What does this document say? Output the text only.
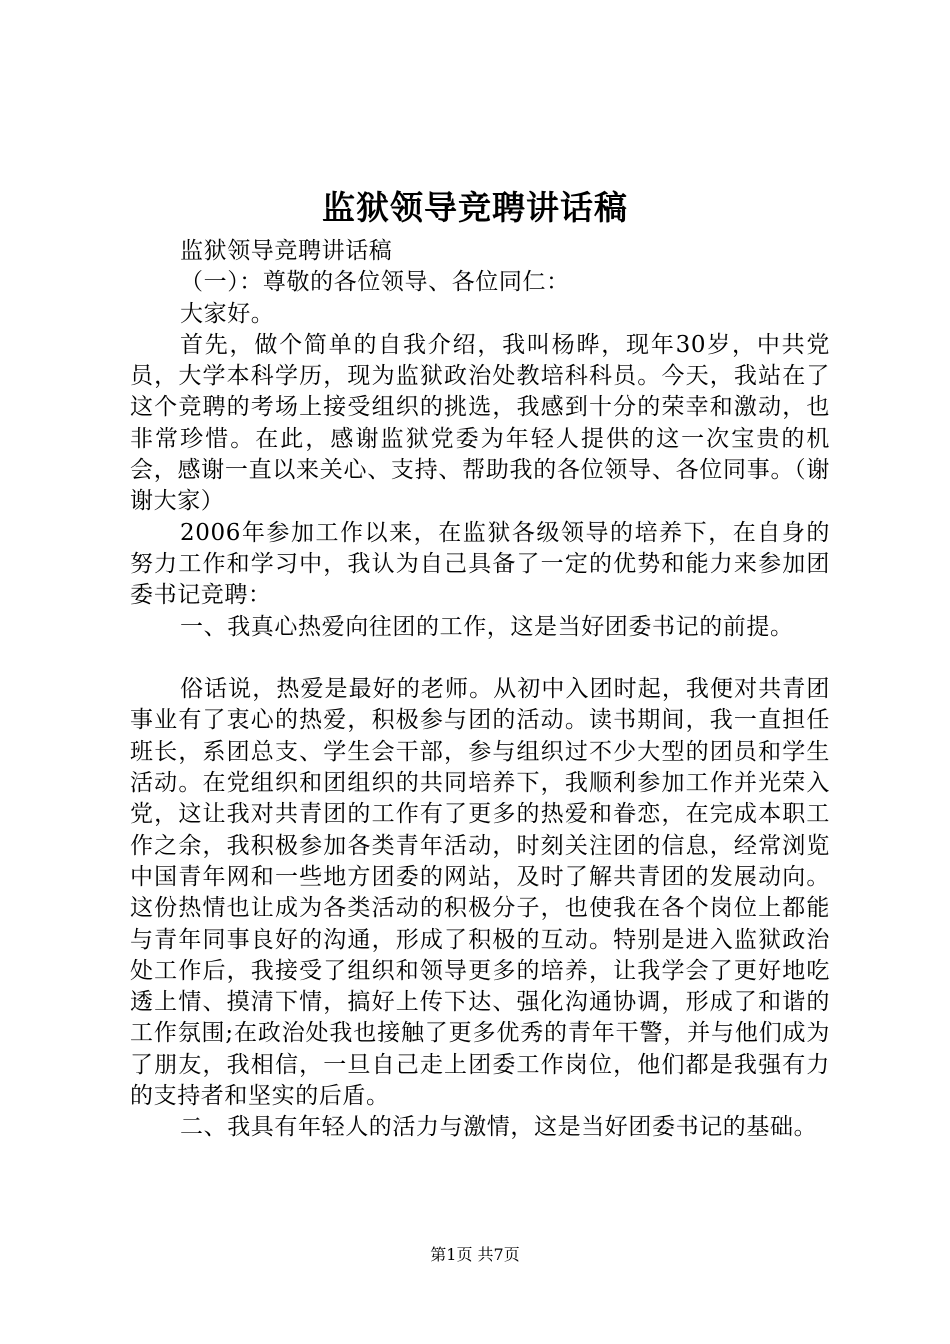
监狱领导竞聘讲话稿

监狱领导竞聘讲话稿

（一）：尊敬的各位领导、各位同仁：

大家好。

首先，做个简单的自我介绍，我叫杨晔，现年30岁，中共党员，大学本科学历，现为监狱政治处教培科科员。今天，我站在了这个竞聘的考场上接受组织的挑选，我感到十分的荣幸和激动，也非常珍惜。在此，感谢监狱党委为年轻人提供的这一次宝贵的机会，感谢一直以来关心、支持、帮助我的各位领导、各位同事。（谢谢大家）

2006年参加工作以来，在监狱各级领导的培养下，在自身的努力工作和学习中，我认为自己具备了一定的优势和能力来参加团委书记竞聘：

一、我真心热爱向往团的工作，这是当好团委书记的前提。

俗话说，热爱是最好的老师。从初中入团时起，我便对共青团事业有了衷心的热爱，积极参与团的活动。读书期间，我一直担任班长，系团总支、学生会干部，参与组织过不少大型的团员和学生活动。在党组织和团组织的共同培养下，我顺利参加工作并光荣入党，这让我对共青团的工作有了更多的热爱和眷恋，在完成本职工作之余，我积极参加各类青年活动，时刻关注团的信息，经常浏览中国青年网和一些地方团委的网站，及时了解共青团的发展动向。这份热情也让成为各类活动的积极分子，也使我在各个岗位上都能与青年同事良好的沟通，形成了积极的互动。特别是进入监狱政治处工作后，我接受了组织和领导更多的培养，让我学会了更好地吃透上情、摸清下情，搞好上传下达、强化沟通协调，形成了和谐的工作氛围;在政治处我也接触了更多优秀的青年干警，并与他们成为了朋友，我相信，一旦自己走上团委工作岗位，他们都是我强有力的支持者和坚实的后盾。

二、我具有年轻人的活力与激情，这是当好团委书记的基础。

第1页 共7页
